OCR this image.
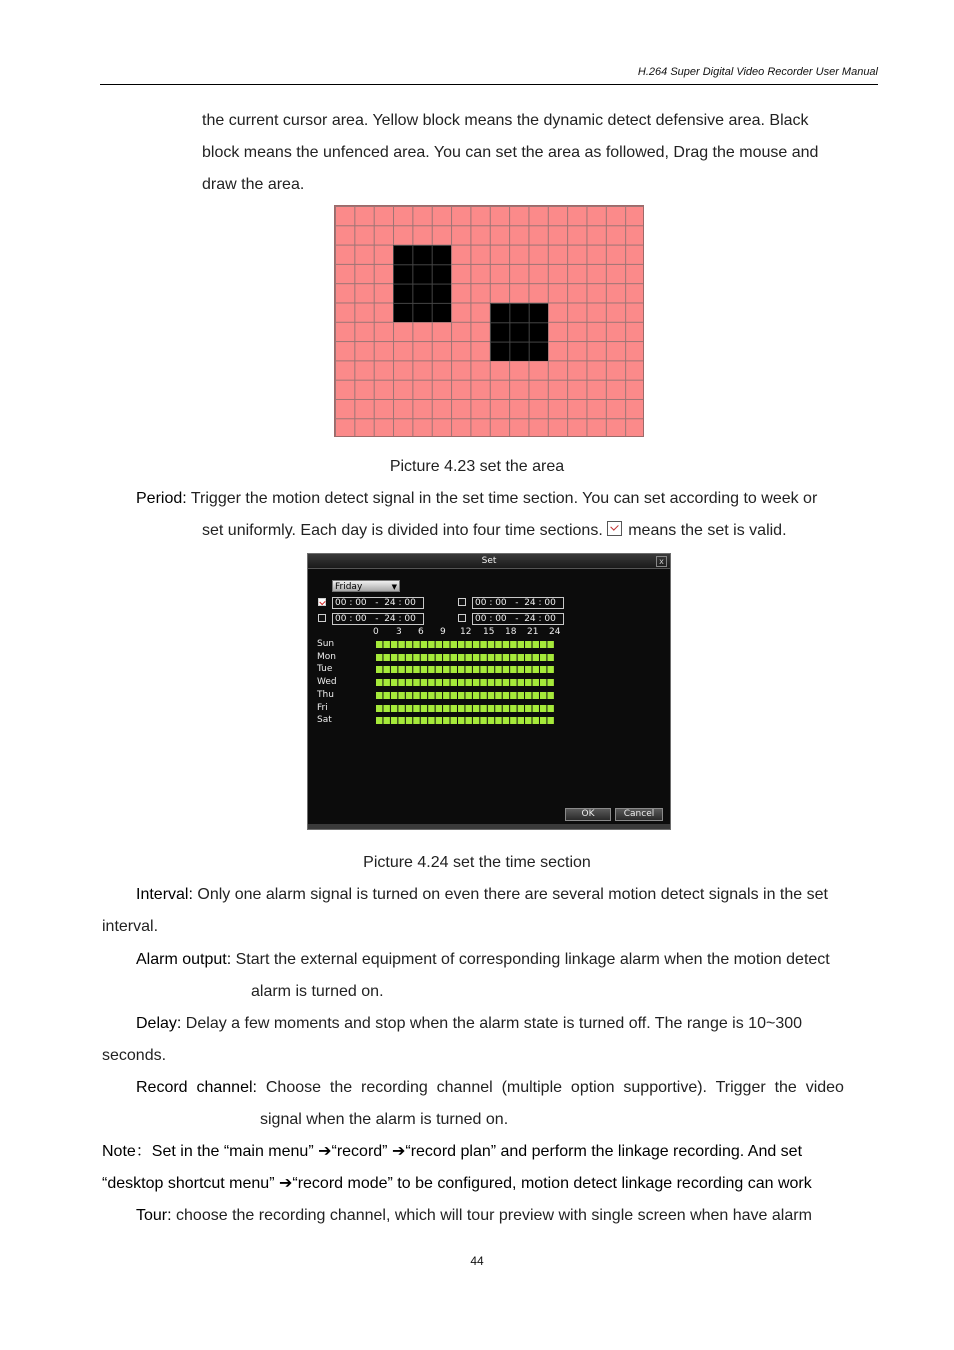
H.264 Super Digital Video Recorder User Manual
the current cursor area. Yellow block means the dynamic detect defensive area. Black
block means the unfenced area. You can set the area as followed, Drag the mouse and
draw the area.
Picture 4.23 set the area
Period: Trigger the motion detect signal in the set time section. You can set according to week or
set uniformly. Each day is divided into four time sections. means the set is valid.
Set	x
Friday	▼
00 : 00   -  24 : 00	00 : 00   -  24 : 00
00 : 00   -  24 : 00	00 : 00   -  24 : 00
0 3 6 9 12 15 18 21 24
Sun
Mon
Tue
Wed
Thu
Fri
Sat
OK	Cancel
Picture 4.24 set the time section
Interval: Only one alarm signal is turned on even there are several motion detect signals in the set
interval.
Alarm output: Start the external equipment of corresponding linkage alarm when the motion detect
alarm is turned on.
Delay: Delay a few moments and stop when the alarm state is turned off. The range is 10~300
seconds.
Record  channel:  Choose  the  recording  channel  (multiple  option  supportive).  Trigger  the  video
signal when the alarm is turned on.
Note：Set in the “main menu” ➔“record” ➔“record plan” and perform the linkage recording. And set
“desktop shortcut menu” ➔“record mode” to be configured, motion detect linkage recording can work
Tour: choose the recording channel, which will tour preview with single screen when have alarm
44
